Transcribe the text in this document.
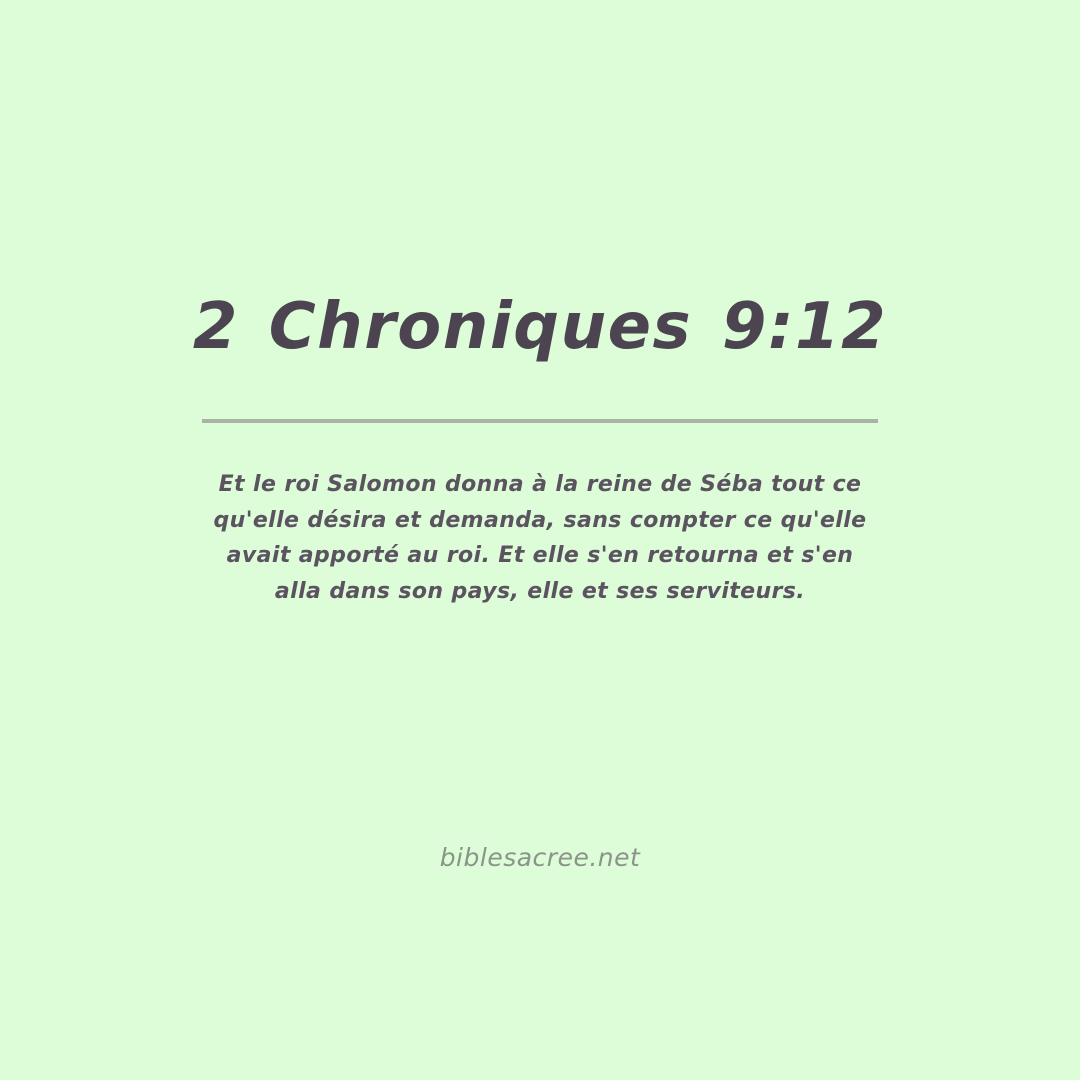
2 Chroniques 9:12
Et le roi Salomon donna à la reine de Séba tout ce qu'elle désira et demanda, sans compter ce qu'elle avait apporté au roi. Et elle s'en retourna et s'en alla dans son pays, elle et ses serviteurs.
biblesacree.net
